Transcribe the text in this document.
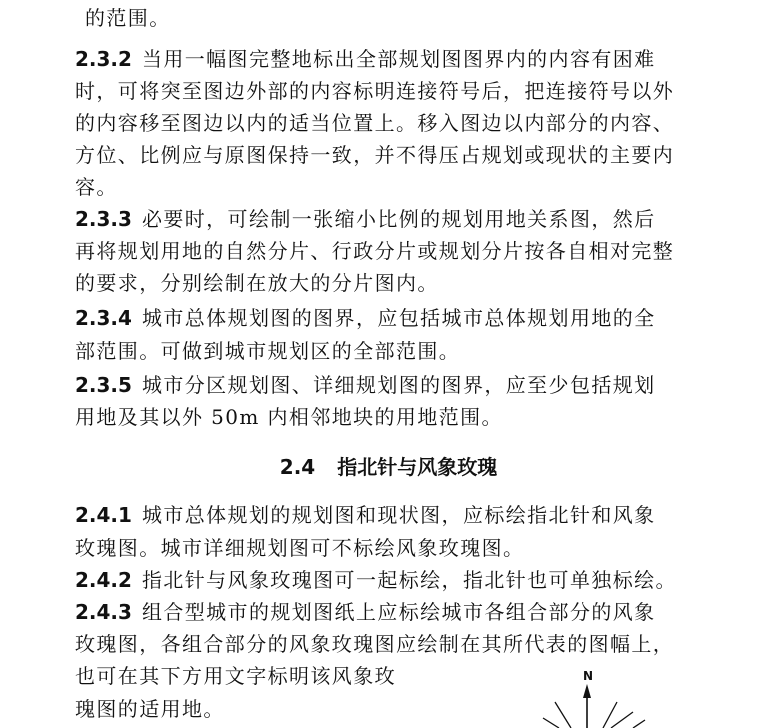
的范围。
2.3.2 当用一幅图完整地标出全部规划图图界内的内容有困难
时，可将突至图边外部的内容标明连接符号后，把连接符号以外
的内容移至图边以内的适当位置上。移入图边以内部分的内容、
方位、比例应与原图保持一致，并不得压占规划或现状的主要内
容。
2.3.3 必要时，可绘制一张缩小比例的规划用地关系图，然后
再将规划用地的自然分片、行政分片或规划分片按各自相对完整
的要求，分别绘制在放大的分片图内。
2.3.4 城市总体规划图的图界，应包括城市总体规划用地的全
部范围。可做到城市规划区的全部范围。
2.3.5 城市分区规划图、详细规划图的图界，应至少包括规划
用地及其以外 50m 内相邻地块的用地范围。
2.4 指北针与风象玫瑰
2.4.1 城市总体规划的规划图和现状图，应标绘指北针和风象
玫瑰图。城市详细规划图可不标绘风象玫瑰图。
2.4.2 指北针与风象玫瑰图可一起标绘，指北针也可单独标绘。
2.4.3 组合型城市的规划图纸上应标绘城市各组合部分的风象
玫瑰图，各组合部分的风象玫瑰图应绘制在其所代表的图幅上，
也可在其下方用文字标明该风象玫
瑰图的适用地。
N
